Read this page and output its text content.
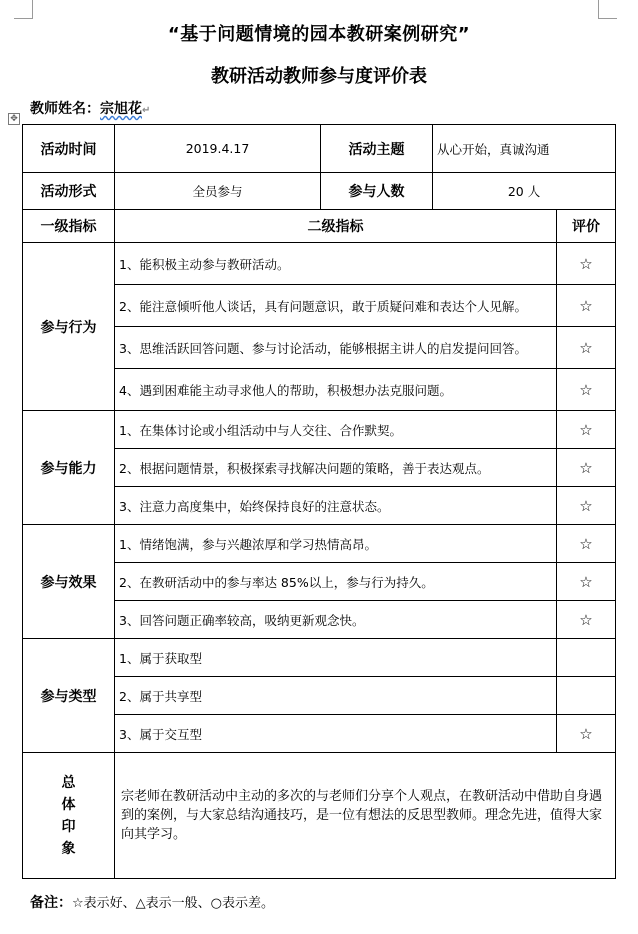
“基于问题情境的园本教研案例研究”
教研活动教师参与度评价表
教师姓名：宗旭花↵
✥
活动时间	2019.4.17	活动主题	从心开始，真诚沟通	
活动形式	全员参与	参与人数	20 人	
一级指标	二级指标			评价
参与行为	1、能积极主动参与教研活动。			☆
	2、能注意倾听他人谈话，具有问题意识，敢于质疑问难和表达个人见解。			☆
	3、思维活跃回答问题、参与讨论活动，能够根据主讲人的启发提问回答。			☆
	4、遇到困难能主动寻求他人的帮助，积极想办法克服问题。			☆
参与能力	1、在集体讨论或小组活动中与人交往、合作默契。			☆
	2、根据问题情景，积极探索寻找解决问题的策略，善于表达观点。			☆
	3、注意力高度集中，始终保持良好的注意状态。			☆
参与效果	1、情绪饱满，参与兴趣浓厚和学习热情高昂。			☆
	2、在教研活动中的参与率达 85%以上，参与行为持久。			☆
	3、回答问题正确率较高，吸纳更新观念快。			☆
参与类型	1、属于获取型			
	2、属于共享型			
	3、属于交互型			☆

总
体
印
象	宗老师在教研活动中主动的多次的与老师们分享个人观点，在教研活动中借助自身遇到的案例，与大家总结沟通技巧，是一位有想法的反思型教师。理念先进，值得大家向其学习。			
备注：☆表示好、△表示一般、○表示差。
